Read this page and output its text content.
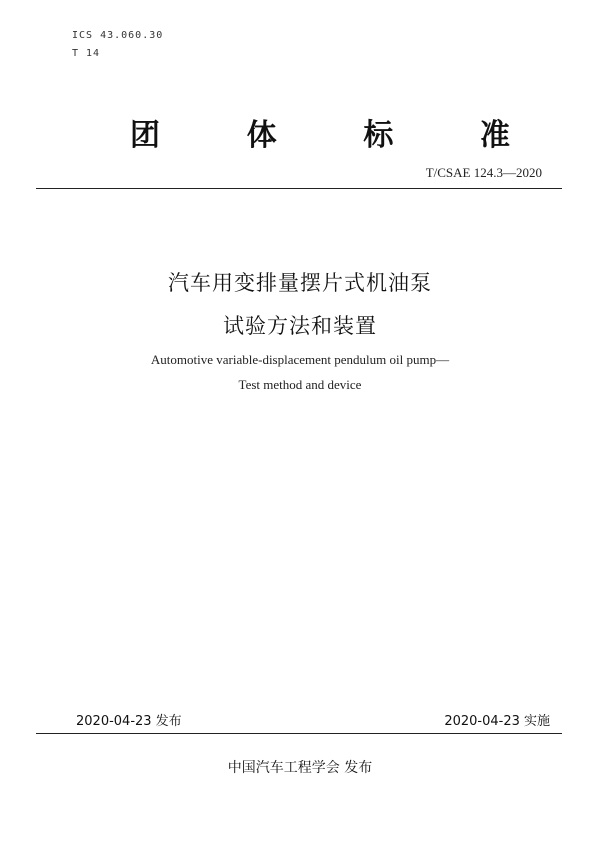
ICS 43.060.30
T 14
团	体	标	准
T/CSAE 124.3—2020
汽车用变排量摆片式机油泵
试验方法和装置
Automotive variable-displacement pendulum oil pump—
Test method and device
2020-04-23 发布	2020-04-23 实施
中国汽车工程学会 发布
